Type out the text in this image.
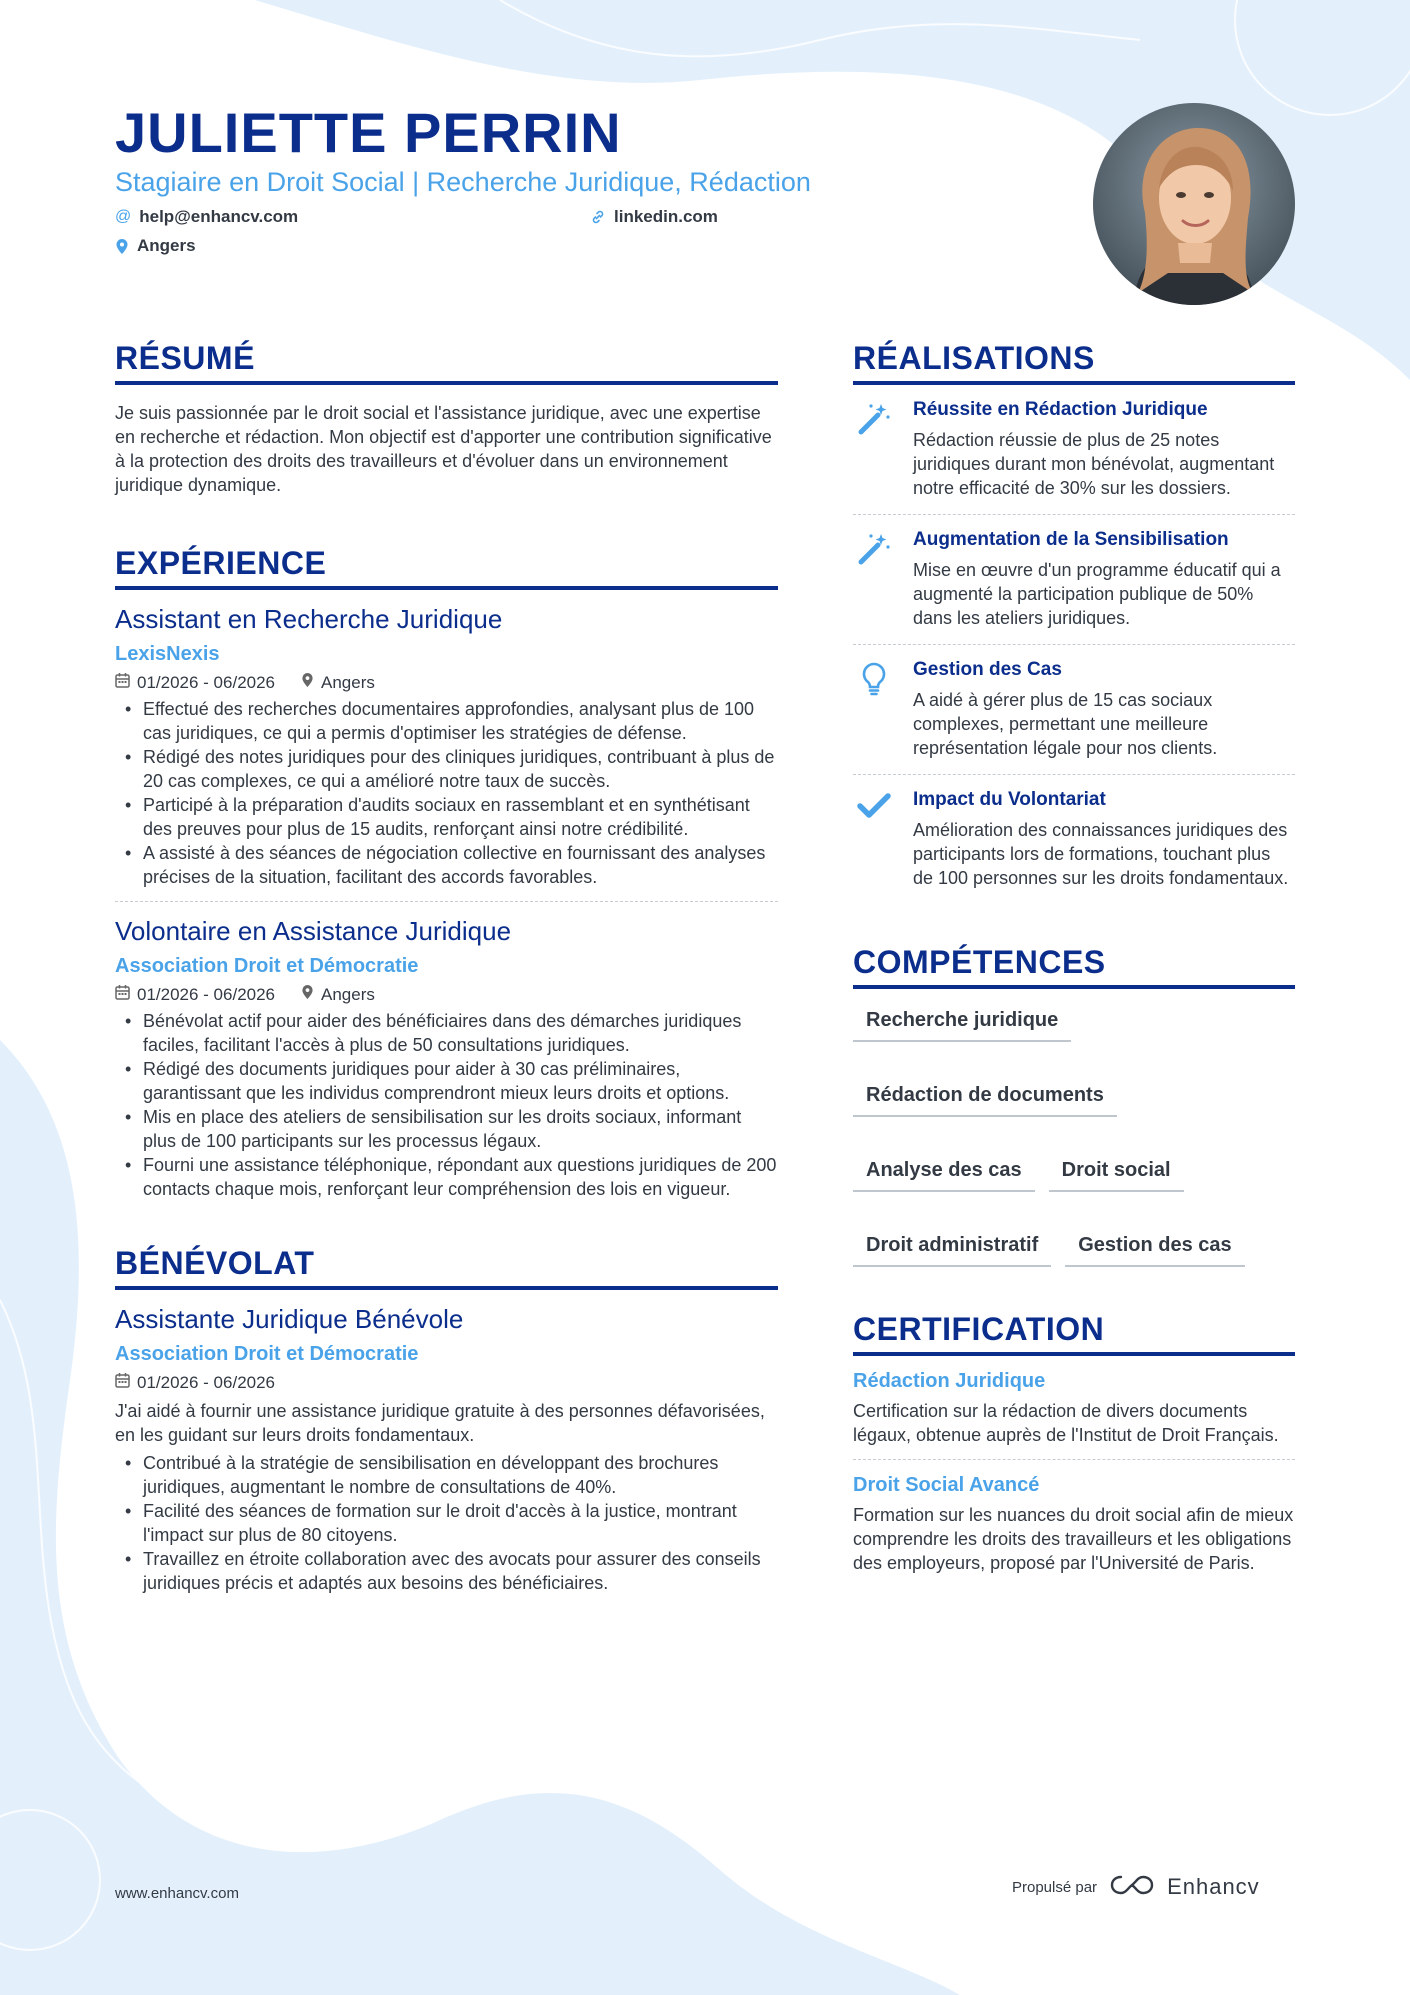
JULIETTE PERRIN
Stagiaire en Droit Social | Recherche Juridique, Rédaction
@ help@enhancv.com	linkedin.com
Angers
RÉSUMÉ
Je suis passionnée par le droit social et l'assistance juridique, avec une expertise en recherche et rédaction. Mon objectif est d'apporter une contribution significative à la protection des droits des travailleurs et d'évoluer dans un environnement juridique dynamique.
EXPÉRIENCE
Assistant en Recherche Juridique
LexisNexis
01/2026 - 06/2026	Angers
• Effectué des recherches documentaires approfondies, analysant plus de 100 cas juridiques, ce qui a permis d'optimiser les stratégies de défense.
• Rédigé des notes juridiques pour des cliniques juridiques, contribuant à plus de 20 cas complexes, ce qui a amélioré notre taux de succès.
• Participé à la préparation d'audits sociaux en rassemblant et en synthétisant des preuves pour plus de 15 audits, renforçant ainsi notre crédibilité.
• A assisté à des séances de négociation collective en fournissant des analyses précises de la situation, facilitant des accords favorables.
Volontaire en Assistance Juridique
Association Droit et Démocratie
01/2026 - 06/2026	Angers
• Bénévolat actif pour aider des bénéficiaires dans des démarches juridiques faciles, facilitant l'accès à plus de 50 consultations juridiques.
• Rédigé des documents juridiques pour aider à 30 cas préliminaires, garantissant que les individus comprendront mieux leurs droits et options.
• Mis en place des ateliers de sensibilisation sur les droits sociaux, informant plus de 100 participants sur les processus légaux.
• Fourni une assistance téléphonique, répondant aux questions juridiques de 200 contacts chaque mois, renforçant leur compréhension des lois en vigueur.
BÉNÉVOLAT
Assistante Juridique Bénévole
Association Droit et Démocratie
01/2026 - 06/2026
J'ai aidé à fournir une assistance juridique gratuite à des personnes défavorisées, en les guidant sur leurs droits fondamentaux.
• Contribué à la stratégie de sensibilisation en développant des brochures juridiques, augmentant le nombre de consultations de 40%.
• Facilité des séances de formation sur le droit d'accès à la justice, montrant l'impact sur plus de 80 citoyens.
• Travaillez en étroite collaboration avec des avocats pour assurer des conseils juridiques précis et adaptés aux besoins des bénéficiaires.
RÉALISATIONS
Réussite en Rédaction Juridique
Rédaction réussie de plus de 25 notes juridiques durant mon bénévolat, augmentant notre efficacité de 30% sur les dossiers.
Augmentation de la Sensibilisation
Mise en œuvre d'un programme éducatif qui a augmenté la participation publique de 50% dans les ateliers juridiques.
Gestion des Cas
A aidé à gérer plus de 15 cas sociaux complexes, permettant une meilleure représentation légale pour nos clients.
Impact du Volontariat
Amélioration des connaissances juridiques des participants lors de formations, touchant plus de 100 personnes sur les droits fondamentaux.
COMPÉTENCES
Recherche juridique
Rédaction de documents
Analyse des cas	Droit social
Droit administratif	Gestion des cas
CERTIFICATION
Rédaction Juridique
Certification sur la rédaction de divers documents légaux, obtenue auprès de l'Institut de Droit Français.
Droit Social Avancé
Formation sur les nuances du droit social afin de mieux comprendre les droits des travailleurs et les obligations des employeurs, proposé par l'Université de Paris.
www.enhancv.com	Propulsé par	Enhancv
